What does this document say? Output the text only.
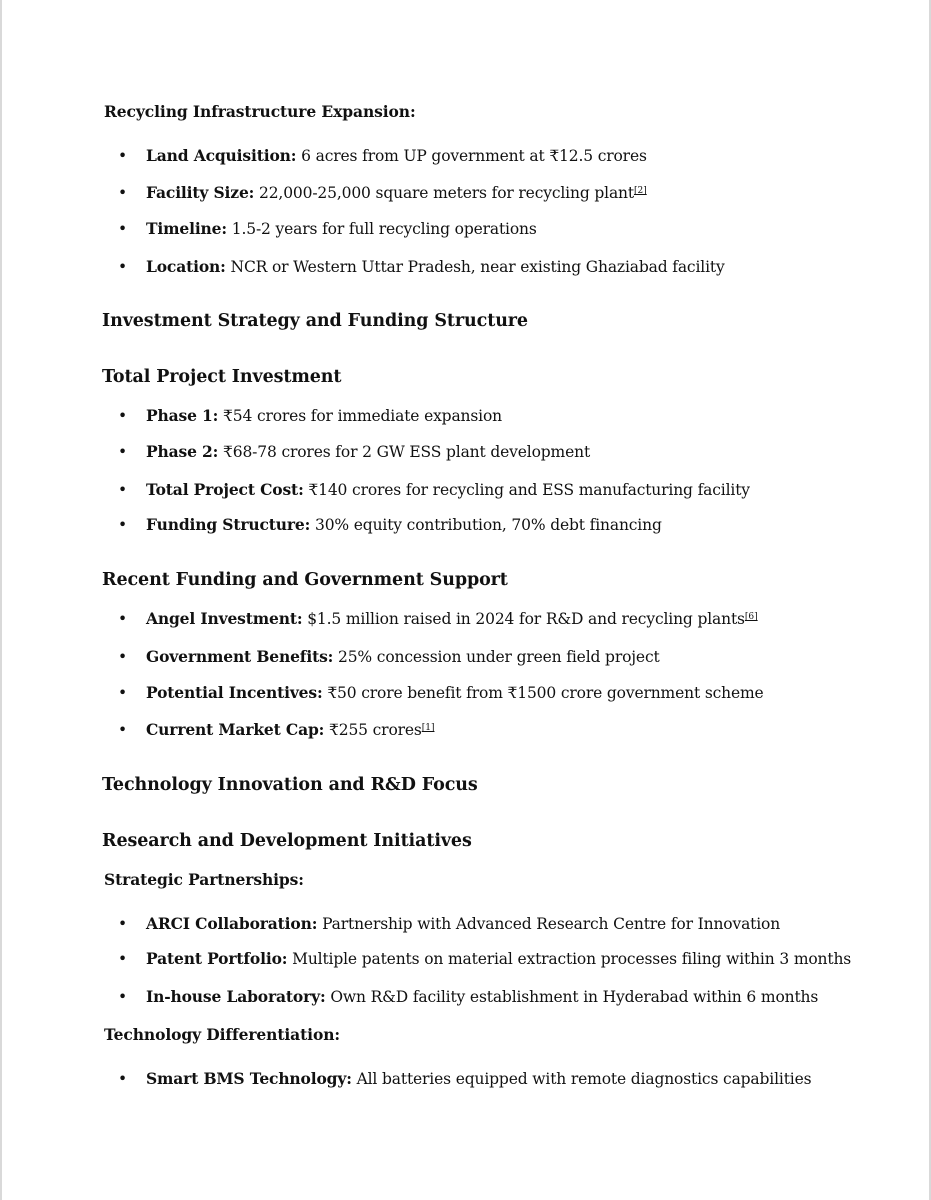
Recycling Infrastructure Expansion:
• Land Acquisition: 6 acres from UP government at ₹12.5 crores
• Facility Size: 22,000-25,000 square meters for recycling plant[2]
• Timeline: 1.5-2 years for full recycling operations
• Location: NCR or Western Uttar Pradesh, near existing Ghaziabad facility
Investment Strategy and Funding Structure
Total Project Investment
• Phase 1: ₹54 crores for immediate expansion
• Phase 2: ₹68-78 crores for 2 GW ESS plant development
• Total Project Cost: ₹140 crores for recycling and ESS manufacturing facility
• Funding Structure: 30% equity contribution, 70% debt financing
Recent Funding and Government Support
• Angel Investment: $1.5 million raised in 2024 for R&D and recycling plants[6]
• Government Benefits: 25% concession under green field project
• Potential Incentives: ₹50 crore benefit from ₹1500 crore government scheme
• Current Market Cap: ₹255 crores[1]
Technology Innovation and R&D Focus
Research and Development Initiatives
Strategic Partnerships:
• ARCI Collaboration: Partnership with Advanced Research Centre for Innovation
• Patent Portfolio: Multiple patents on material extraction processes filing within 3 months
• In-house Laboratory: Own R&D facility establishment in Hyderabad within 6 months
Technology Differentiation:
• Smart BMS Technology: All batteries equipped with remote diagnostics capabilities
